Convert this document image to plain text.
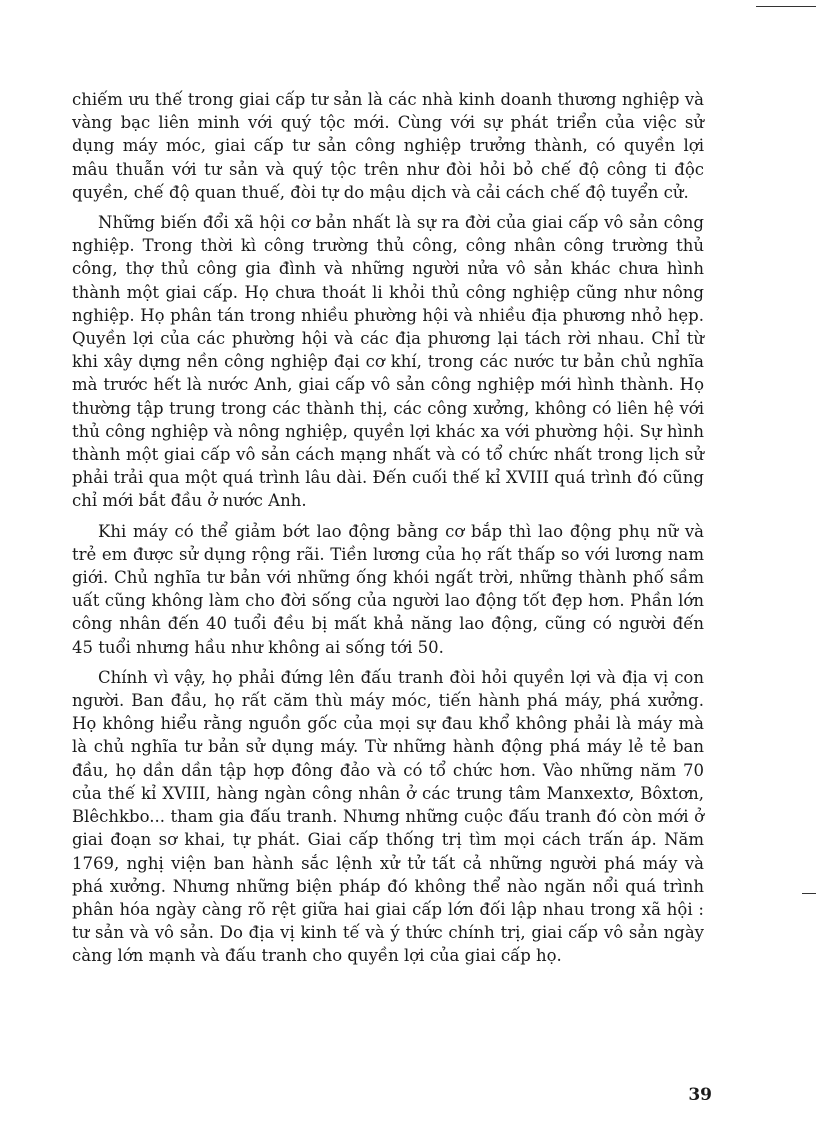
chiếm ưu thế trong giai cấp tư sản là các nhà kinh doanh thương nghiệp và vàng bạc liên minh với quý tộc mới. Cùng với sự phát triển của việc sử dụng máy móc, giai cấp tư sản công nghiệp trưởng thành, có quyền lợi mâu thuẫn với tư sản và quý tộc trên như đòi hỏi bỏ chế độ công ti độc quyền, chế độ quan thuế, đòi tự do mậu dịch và cải cách chế độ tuyển cử.

Những biến đổi xã hội cơ bản nhất là sự ra đời của giai cấp vô sản công nghiệp. Trong thời kì công trường thủ công, công nhân công trường thủ công, thợ thủ công gia đình và những người nửa vô sản khác chưa hình thành một giai cấp. Họ chưa thoát li khỏi thủ công nghiệp cũng như nông nghiệp. Họ phân tán trong nhiều phường hội và nhiều địa phương nhỏ hẹp. Quyền lợi của các phường hội và các địa phương lại tách rời nhau. Chỉ từ khi xây dựng nền công nghiệp đại cơ khí, trong các nước tư bản chủ nghĩa mà trước hết là nước Anh, giai cấp vô sản công nghiệp mới hình thành. Họ thường tập trung trong các thành thị, các công xưởng, không có liên hệ với thủ công nghiệp và nông nghiệp, quyền lợi khác xa với phường hội. Sự hình thành một giai cấp vô sản cách mạng nhất và có tổ chức nhất trong lịch sử phải trải qua một quá trình lâu dài. Đến cuối thế kỉ XVIII quá trình đó cũng chỉ mới bắt đầu ở nước Anh.

Khi máy có thể giảm bớt lao động bằng cơ bắp thì lao động phụ nữ và trẻ em được sử dụng rộng rãi. Tiền lương của họ rất thấp so với lương nam giới. Chủ nghĩa tư bản với những ống khói ngất trời, những thành phố sầm uất cũng không làm cho đời sống của người lao động tốt đẹp hơn. Phần lớn công nhân đến 40 tuổi đều bị mất khả năng lao động, cũng có người đến 45 tuổi nhưng hầu như không ai sống tới 50.

Chính vì vậy, họ phải đứng lên đấu tranh đòi hỏi quyền lợi và địa vị con người. Ban đầu, họ rất căm thù máy móc, tiến hành phá máy, phá xưởng. Họ không hiểu rằng nguồn gốc của mọi sự đau khổ không phải là máy mà là chủ nghĩa tư bản sử dụng máy. Từ những hành động phá máy lẻ tẻ ban đầu, họ dần dần tập hợp đông đảo và có tổ chức hơn. Vào những năm 70 của thế kỉ XVIII, hàng ngàn công nhân ở các trung tâm Manxextơ, Bôxtơn, Blêchkbo... tham gia đấu tranh. Nhưng những cuộc đấu tranh đó còn mới ở giai đoạn sơ khai, tự phát. Giai cấp thống trị tìm mọi cách trấn áp. Năm 1769, nghị viện ban hành sắc lệnh xử tử tất cả những người phá máy và phá xưởng. Nhưng những biện pháp đó không thể nào ngăn nổi quá trình phân hóa ngày càng rõ rệt giữa hai giai cấp lớn đối lập nhau trong xã hội : tư sản và vô sản. Do địa vị kinh tế và ý thức chính trị, giai cấp vô sản ngày càng lớn mạnh và đấu tranh cho quyền lợi của giai cấp họ.

39
